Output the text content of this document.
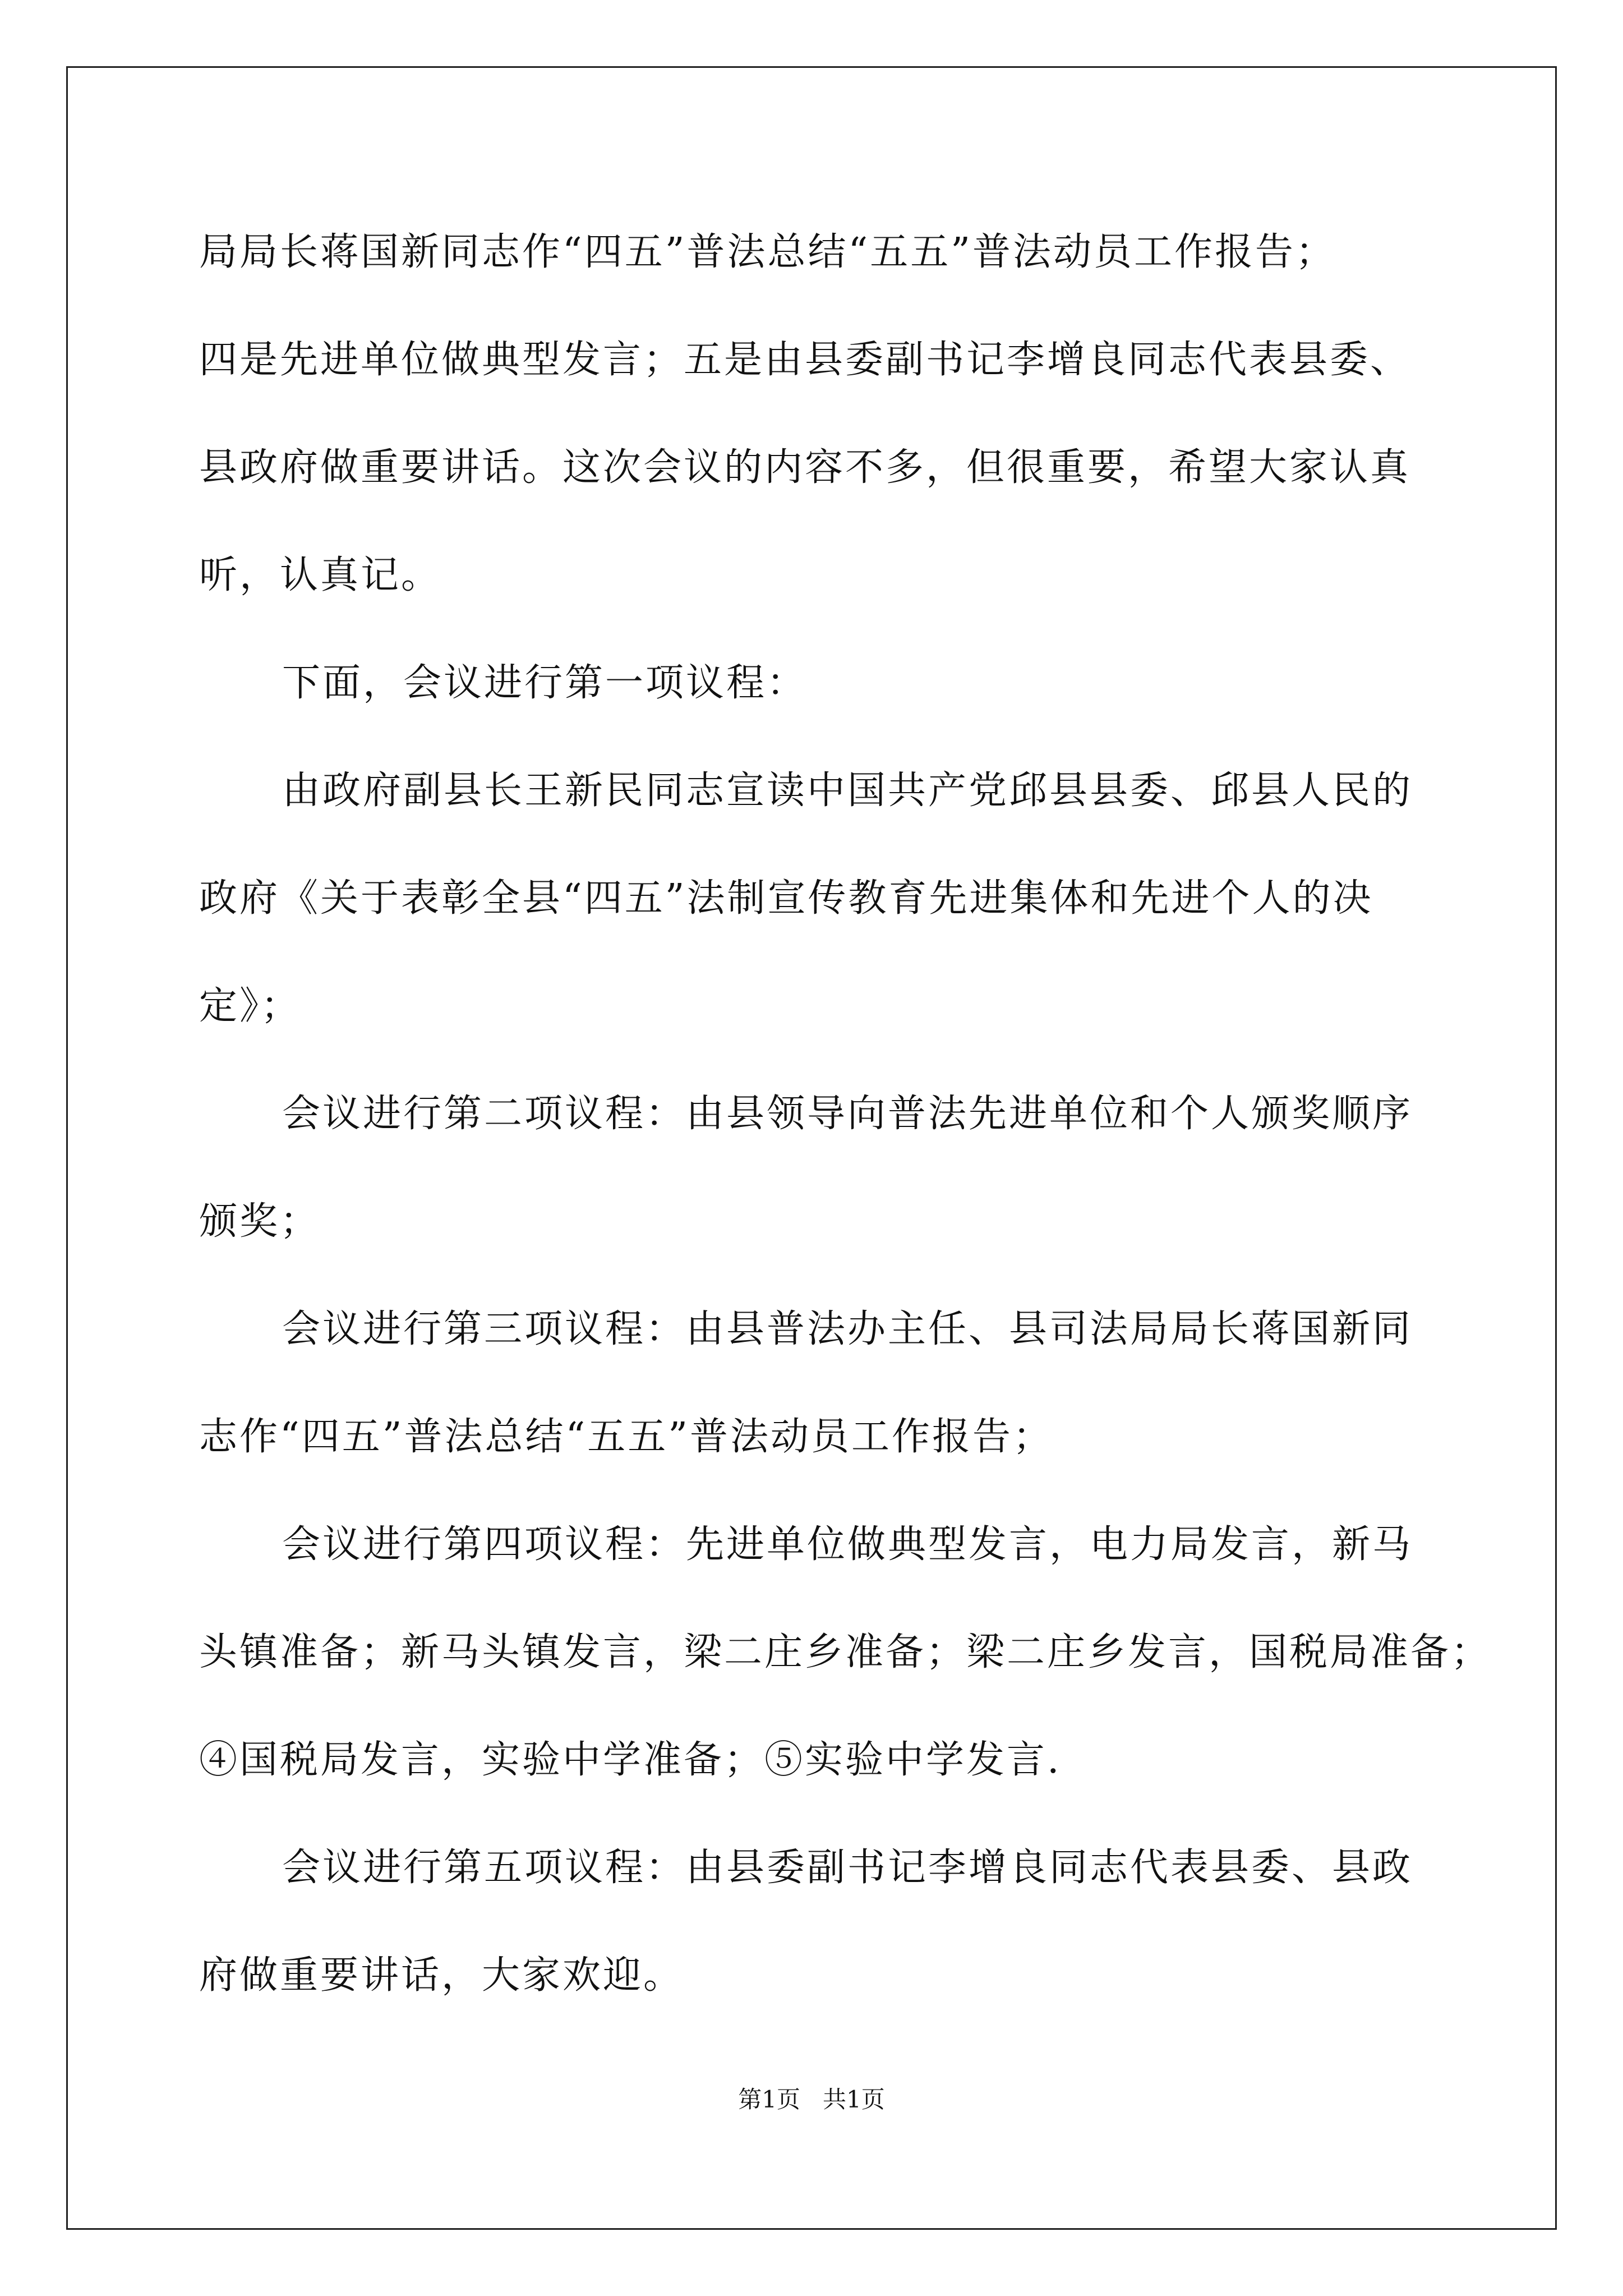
局局长蒋国新同志作“四五”普法总结“五五”普法动员工作报告；
四是先进单位做典型发言；五是由县委副书记李增良同志代表县委、
县政府做重要讲话。这次会议的内容不多，但很重要，希望大家认真
听，认真记。
下面，会议进行第一项议程：
由政府副县长王新民同志宣读中国共产党邱县县委、邱县人民的
政府《关于表彰全县“四五”法制宣传教育先进集体和先进个人的决
定》；
会议进行第二项议程：由县领导向普法先进单位和个人颁奖顺序
颁奖；
会议进行第三项议程：由县普法办主任、县司法局局长蒋国新同
志作“四五”普法总结“五五”普法动员工作报告；
会议进行第四项议程：先进单位做典型发言，电力局发言，新马
头镇准备；新马头镇发言，梁二庄乡准备；梁二庄乡发言，国税局准备；
④国税局发言，实验中学准备；⑤实验中学发言.
会议进行第五项议程：由县委副书记李增良同志代表县委、县政
府做重要讲话，大家欢迎。
第1页   共1页
